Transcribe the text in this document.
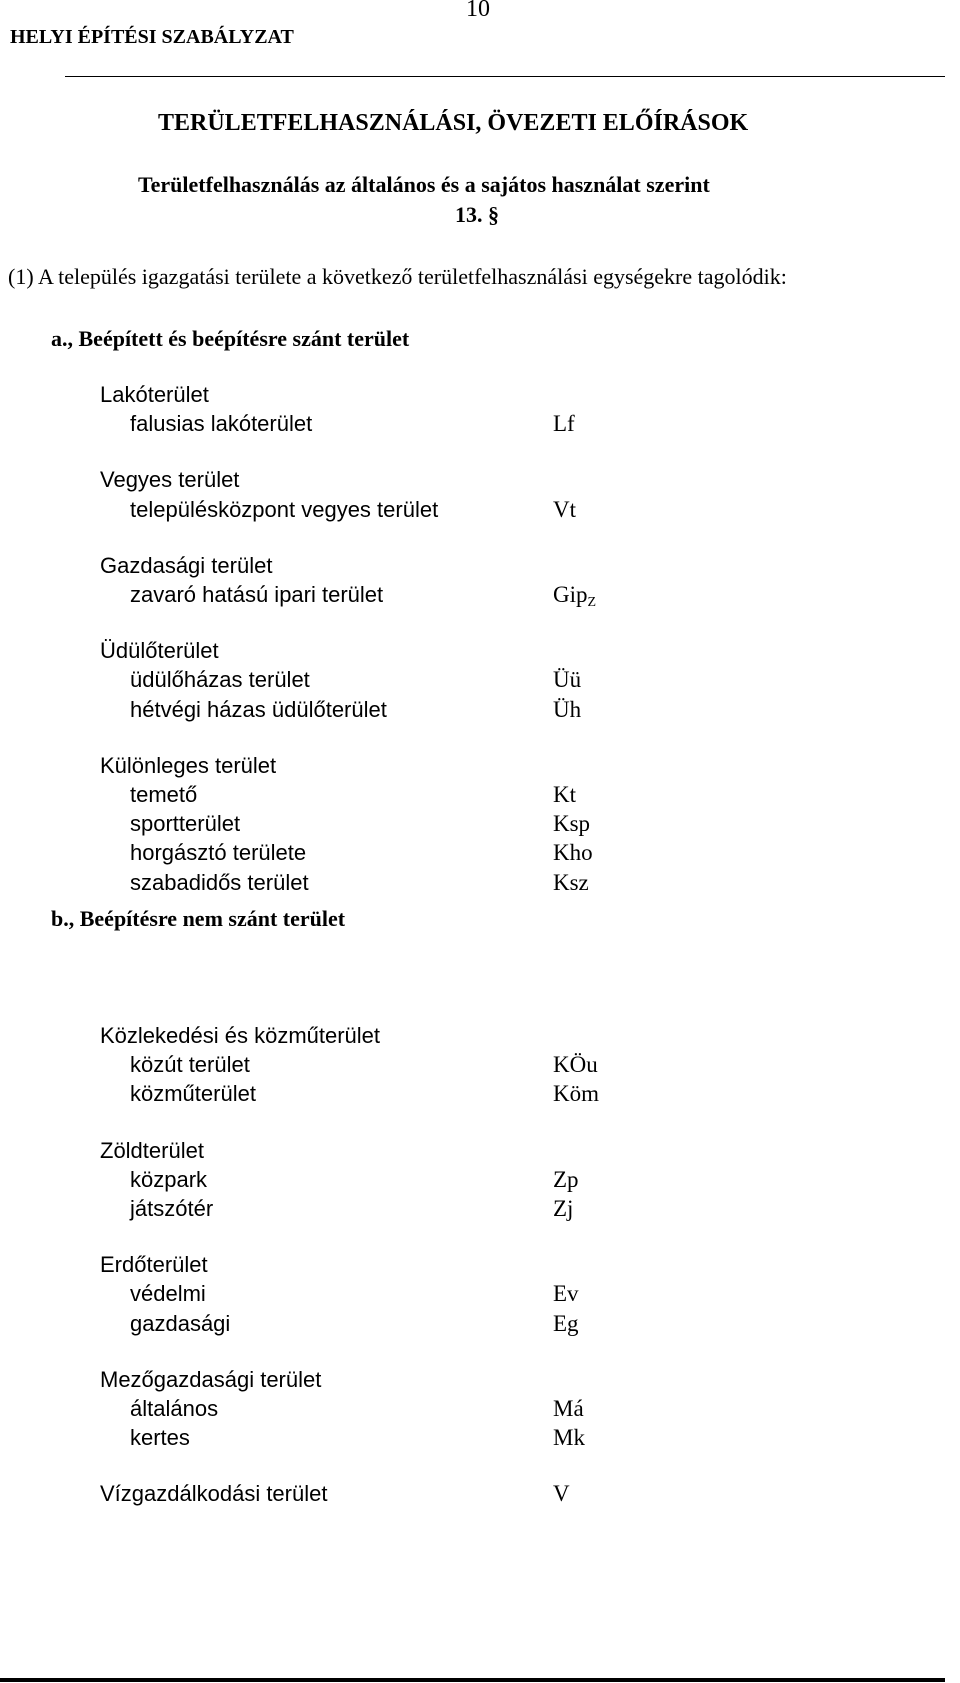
10
HELYI ÉPÍTÉSI SZABÁLYZAT
TERÜLETFELHASZNÁLÁSI, ÖVEZETI ELŐÍRÁSOK
Területfelhasználás az általános és a sajátos használat szerint
13. §
(1) A település igazgatási területe a következő területfelhasználási egységekre tagolódik:
a., Beépített és beépítésre szánt terület
Lakóterület
falusias lakóterület	Lf
Vegyes terület
településközpont vegyes terület	Vt
Gazdasági terület
zavaró hatású ipari terület	Gip$_Z$
Üdülőterület
üdülőházas terület	Üü
hétvégi házas üdülőterület	Üh
Különleges terület
temető	Kt
sportterület	Ksp
horgásztó területe	Kho
szabadidős terület	Ksz
b., Beépítésre nem szánt terület
Közlekedési és közműterület
közút terület	KÖu
közműterület	Köm
Zöldterület
közpark	Zp
játszótér	Zj
Erdőterület
védelmi	Ev
gazdasági	Eg
Mezőgazdasági terület
általános	Má
kertes	Mk
Vízgazdálkodási terület	V
